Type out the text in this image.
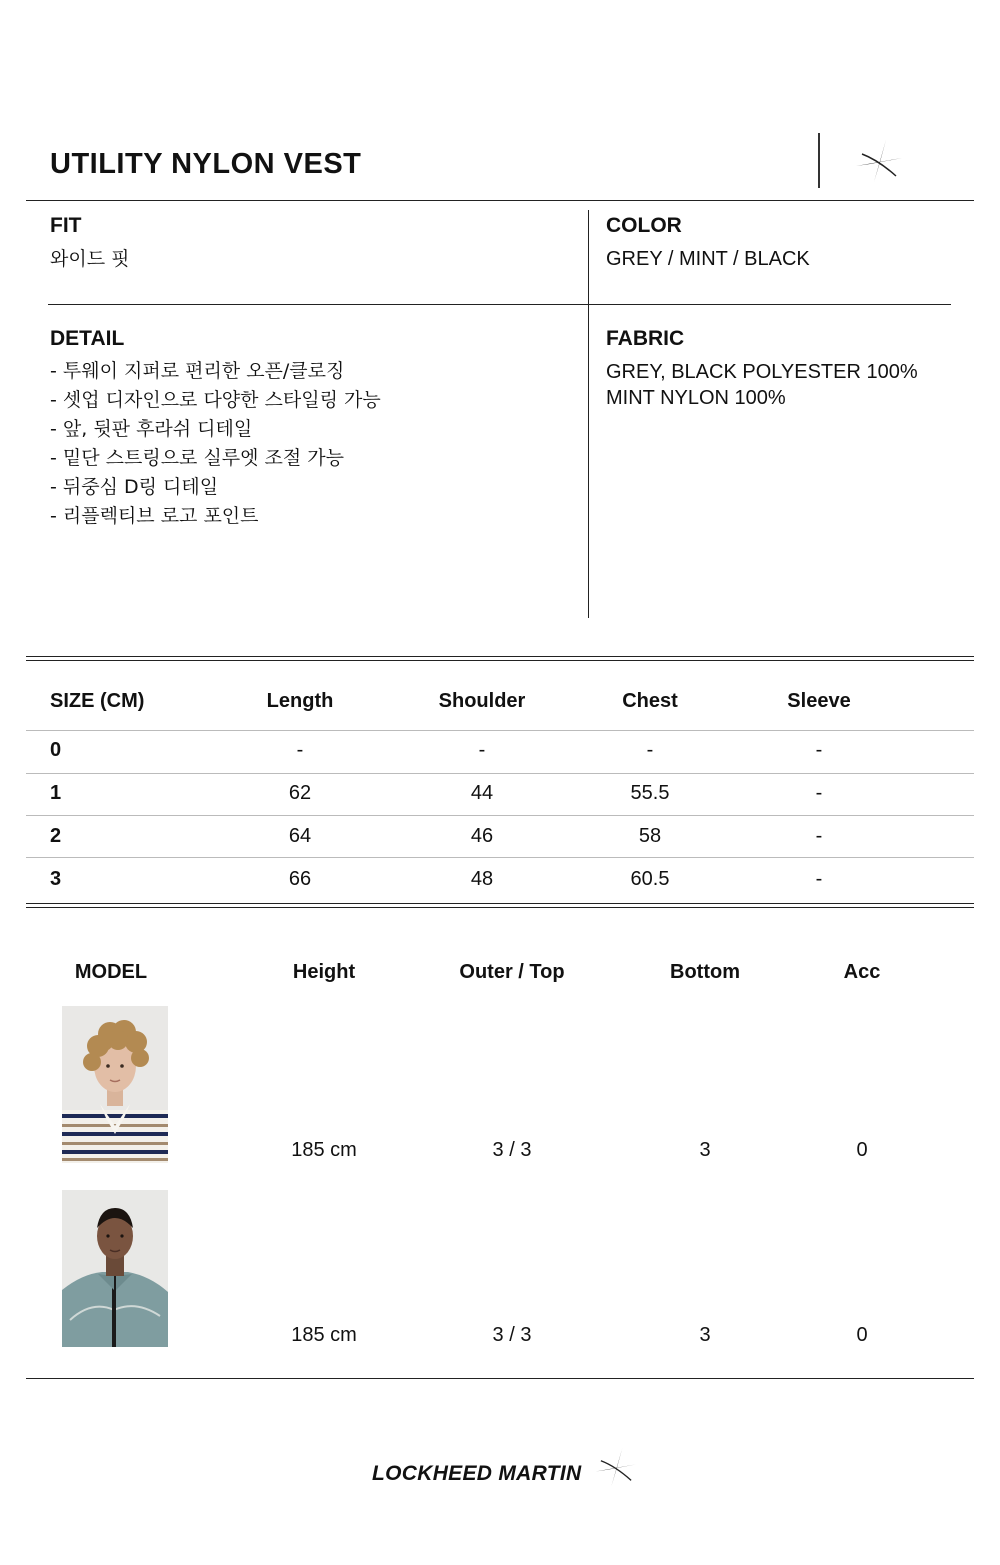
UTILITY NYLON VEST
FIT
와이드 핏
COLOR
GREY / MINT / BLACK
DETAIL
- 투웨이 지퍼로 편리한 오픈/클로징
- 셋업 디자인으로 다양한 스타일링 가능
- 앞, 뒷판 후라쉬 디테일
- 밑단 스트링으로 실루엣 조절 가능
- 뒤중심 D링 디테일
- 리플렉티브 로고 포인트
FABRIC
GREY, BLACK POLYESTER 100%
MINT NYLON 100%
SIZE (CM)	Length	Shoulder	Chest	Sleeve
0	-	-	-	-
1	62	44	55.5	-
2	64	46	58	-
3	66	48	60.5	-
MODEL	Height	Outer / Top	Bottom	Acc
185 cm	3 / 3	3	0
185 cm	3 / 3	3	0
LOCKHEED MARTIN
